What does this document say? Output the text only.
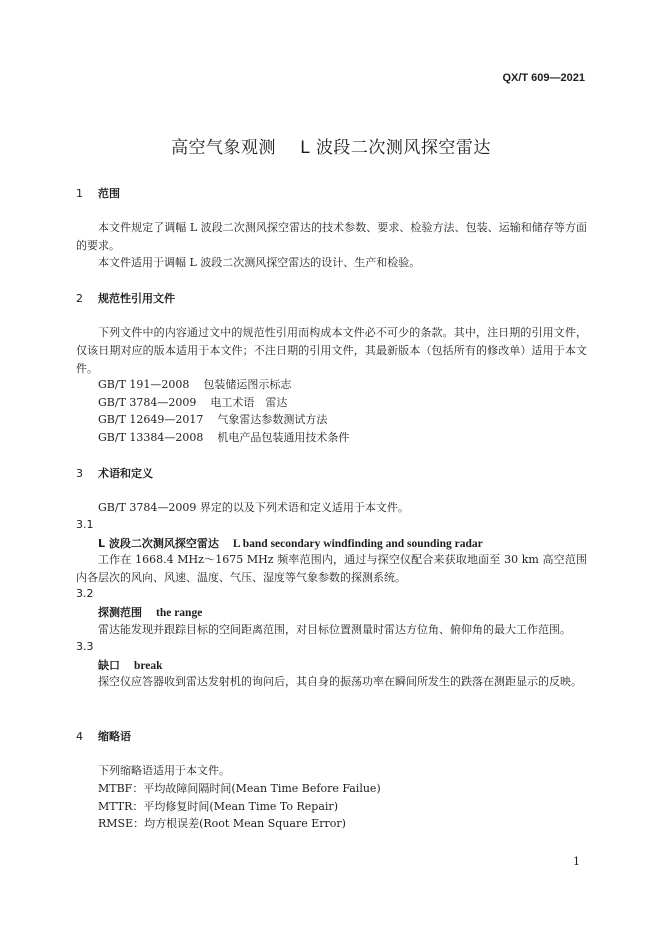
QX/T 609—2021
高空气象观测 L 波段二次测风探空雷达
1 范围
本文件规定了调幅 L 波段二次测风探空雷达的技术参数、要求、检验方法、包装、运输和储存等方面的要求。
本文件适用于调幅 L 波段二次测风探空雷达的设计、生产和检验。
2 规范性引用文件
下列文件中的内容通过文中的规范性引用而构成本文件必不可少的条款。其中，注日期的引用文件，仅该日期对应的版本适用于本文件；不注日期的引用文件，其最新版本（包括所有的修改单）适用于本文件。
GB/T 191—2008 包装储运图示标志
GB/T 3784—2009 电工术语　雷达
GB/T 12649—2017 气象雷达参数测试方法
GB/T 13384—2008 机电产品包装通用技术条件
3 术语和定义
GB/T 3784—2009 界定的以及下列术语和定义适用于本文件。
3.1
L 波段二次测风探空雷达 L band secondary windfinding and sounding radar
工作在 1668.4 MHz～1675 MHz 频率范围内，通过与探空仪配合来获取地面至 30 km 高空范围内各层次的风向、风速、温度、气压、湿度等气象参数的探测系统。
3.2
探测范围 the range
雷达能发现并跟踪目标的空间距离范围，对目标位置测量时雷达方位角、俯仰角的最大工作范围。
3.3
缺口 break
探空仪应答器收到雷达发射机的询问后，其自身的振荡功率在瞬间所发生的跌落在测距显示的反映。
4 缩略语
下列缩略语适用于本文件。
MTBF：平均故障间隔时间(Mean Time Before Failue)
MTTR：平均修复时间(Mean Time To Repair)
RMSE：均方根误差(Root Mean Square Error)
1
